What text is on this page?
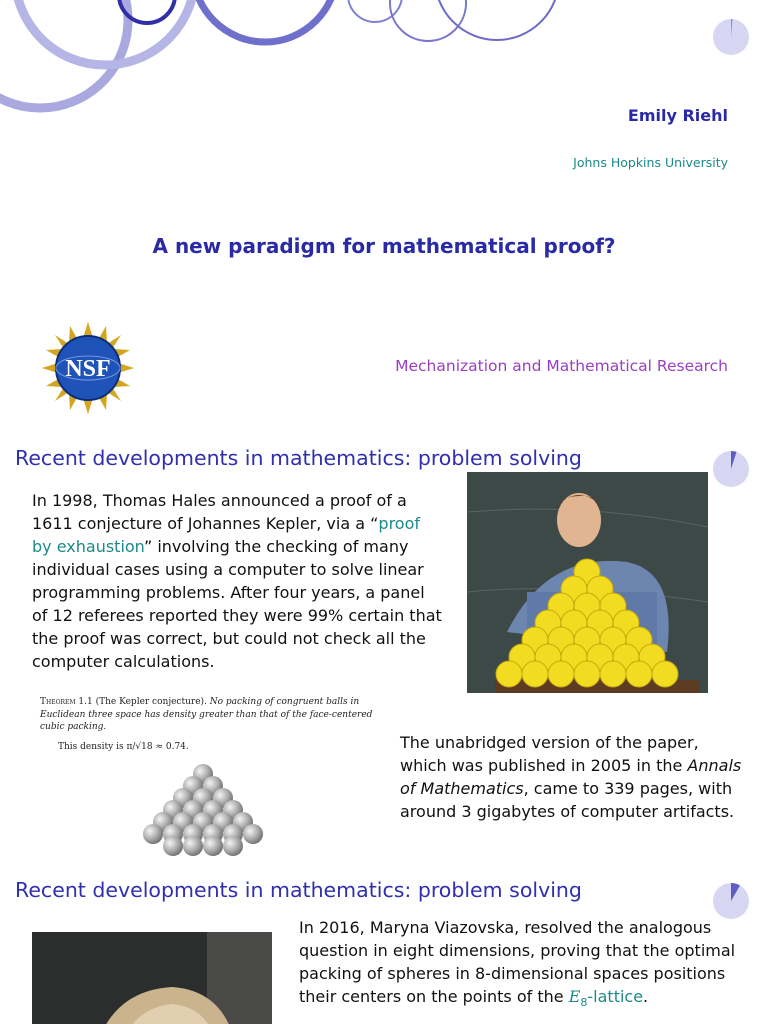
Emily Riehl
Johns Hopkins University
A new paradigm for mathematical proof?
NSF	Mechanization and Mathematical Research
Recent developments in mathematics: problem solving
In 1998, Thomas Hales announced a proof of a 1611 conjecture of Johannes Kepler, via a “proof by exhaustion” involving the checking of many individual cases using a computer to solve linear programming problems. After four years, a panel of 12 referees reported they were 99% certain that the proof was correct, but could not check all the computer calculations.
Theorem 1.1 (The Kepler conjecture). No packing of congruent balls in Euclidean three space has density greater than that of the face-centered cubic packing.
This density is π/√18 ≈ 0.74.	The unabridged version of the paper, which was published in 2005 in the Annals of Mathematics, came to 339 pages, with around 3 gigabytes of computer artifacts.
Recent developments in mathematics: problem solving
In 2016, Maryna Viazovska, resolved the analogous question in eight dimensions, proving that the optimal packing of spheres in 8-dimensional spaces positions their centers on the points of the $E_8$-lattice.
